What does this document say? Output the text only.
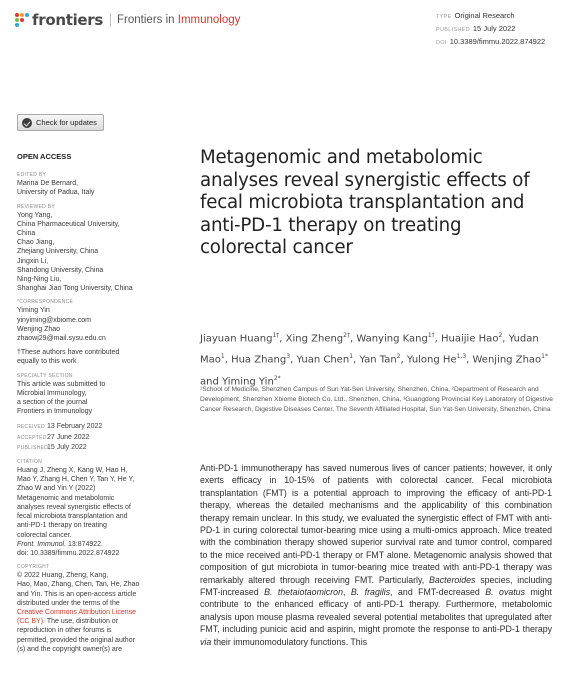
frontiers Frontiers in Immunology	TYPE Original Research
PUBLISHED 15 July 2022
DOI 10.3389/fimmu.2022.874922
Check for updates
OPEN ACCESS
EDITED BY
Marina De Bernard,
University of Padua, Italy
REVIEWED BY
Yong Yang,
China Pharmaceutical University,
China
Chao Jiang,
Zhejiang University, China
Jingxin Li,
Shandong University, China
Ning-Ning Liu,
Shanghai Jiao Tong University, China
*CORRESPONDENCE
Yiming Yin
yinyiming@xbiome.com
Wenjing Zhao
zhaowj29@mail.sysu.edu.cn
†These authors have contributed
equally to this work
SPECIALTY SECTION
This article was submitted to
Microbial Immunology,
a section of the journal
Frontiers in Immunology
RECEIVED 13 February 2022
ACCEPTED27 June 2022
PUBLISHED15 July 2022
CITATION
Huang J, Zheng X, Kang W, Hao H,
Mao Y, Zhang H, Chen Y, Tan Y, He Y,
Zhao W and Yin Y (2022)
Metagenomic and metabolomic
analyses reveal synergistic effects of
fecal microbiota transplantation and
anti-PD-1 therapy on treating
colorectal cancer.
Front. Immunol. 13:874922.
doi: 10.3389/fimmu.2022.874922
COPYRIGHT
© 2022 Huang, Zheng, Kang,
Hao, Mao, Zhang, Chen, Tan, He, Zhao
and Yin. This is an open-access article
distributed under the terms of the
Creative Commons Attribution License
(CC BY). The use, distribution or
reproduction in other forums is
permitted, provided the original author
(s) and the copyright owner(s) are
Metagenomic and metabolomic analyses reveal synergistic effects of fecal microbiota transplantation and anti-PD-1 therapy on treating colorectal cancer
Jiayuan Huang$^{1\dagger}$, Xing Zheng$^{2\dagger}$, Wanying Kang$^{1\dagger}$, Huaijie Hao$^2$, Yudan Mao$^1$, Hua Zhang$^3$, Yuan Chen$^1$, Yan Tan$^2$, Yulong He$^{1,3}$, Wenjing Zhao$^{1*}$ and Yiming Yin$^{2*}$
¹School of Medicine, Shenzhen Campus of Sun Yat-Sen University, Shenzhen, China, ²Department of Research and Development, Shenzhen Xbiome Biotech Co. Ltd., Shenzhen, China, ³Guangdong Provincial Key Laboratory of Digestive Cancer Research, Digestive Diseases Center, The Seventh Affiliated Hospital, Sun Yat-Sen University, Shenzhen, China
Anti-PD-1 immunotherapy has saved numerous lives of cancer patients; however, it only exerts efficacy in 10-15% of patients with colorectal cancer. Fecal microbiota transplantation (FMT) is a potential approach to improving the efficacy of anti-PD-1 therapy, whereas the detailed mechanisms and the applicability of this combination therapy remain unclear. In this study, we evaluated the synergistic effect of FMT with anti-PD-1 in curing colorectal tumor-bearing mice using a multi-omics approach. Mice treated with the combination therapy showed superior survival rate and tumor control, compared to the mice received anti-PD-1 therapy or FMT alone. Metagenomic analysis showed that composition of gut microbiota in tumor-bearing mice treated with anti-PD-1 therapy was remarkably altered through receiving FMT. Particularly, Bacteroides species, including FMT-increased B. thetaiotaomicron, B. fragilis, and FMT-decreased B. ovatus might contribute to the enhanced efficacy of anti-PD-1 therapy. Furthermore, metabolomic analysis upon mouse plasma revealed several potential metabolites that upregulated after FMT, including punicic acid and aspirin, might promote the response to anti-PD-1 therapy via their immunomodulatory functions. This
